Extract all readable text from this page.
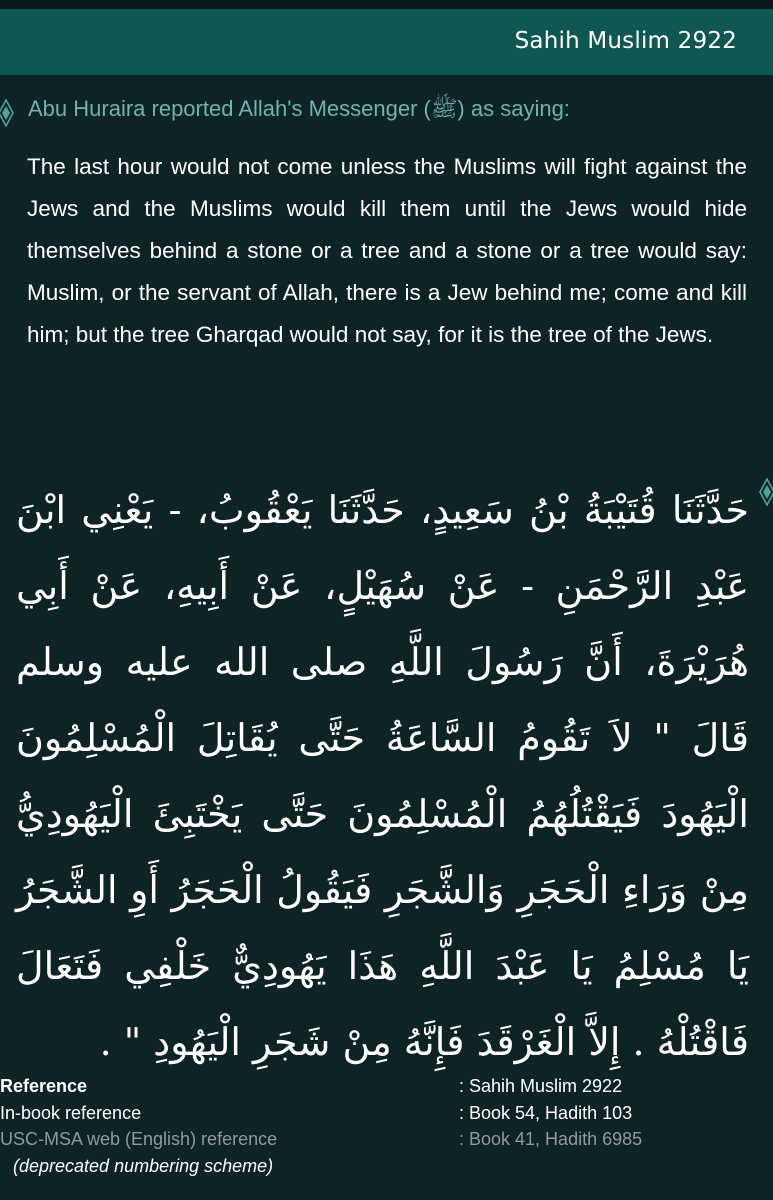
Sahih Muslim 2922
Abu Huraira reported Allah's Messenger (ﷺ) as saying:
The last hour would not come unless the Muslims will fight against the Jews and the Muslims would kill them until the Jews would hide themselves behind a stone or a tree and a stone or a tree would say: Muslim, or the servant of Allah, there is a Jew behind me; come and kill him; but the tree Gharqad would not say, for it is the tree of the Jews.
حَدَّثَنَا قُتَيْبَةُ بْنُ سَعِيدٍ، حَدَّثَنَا يَعْقُوبُ، - يَعْنِي ابْنَ عَبْدِ الرَّحْمَنِ - عَنْ سُهَيْلٍ، عَنْ أَبِيهِ، عَنْ أَبِي هُرَيْرَةَ، أَنَّ رَسُولَ اللَّهِ صلى الله عليه وسلم قَالَ " لاَ تَقُومُ السَّاعَةُ حَتَّى يُقَاتِلَ الْمُسْلِمُونَ الْيَهُودَ فَيَقْتُلُهُمُ الْمُسْلِمُونَ حَتَّى يَخْتَبِئَ الْيَهُودِيُّ مِنْ وَرَاءِ الْحَجَرِ وَالشَّجَرِ فَيَقُولُ الْحَجَرُ أَوِ الشَّجَرُ يَا مُسْلِمُ يَا عَبْدَ اللَّهِ هَذَا يَهُودِيٌّ خَلْفِي فَتَعَالَ فَاقْتُلْهُ . إِلاَّ الْغَرْقَدَ فَإِنَّهُ مِنْ شَجَرِ الْيَهُودِ " .
Reference	: Sahih Muslim 2922
In-book reference	: Book 54, Hadith 103
USC-MSA web (English) reference	: Book 41, Hadith 6985
(deprecated numbering scheme)
